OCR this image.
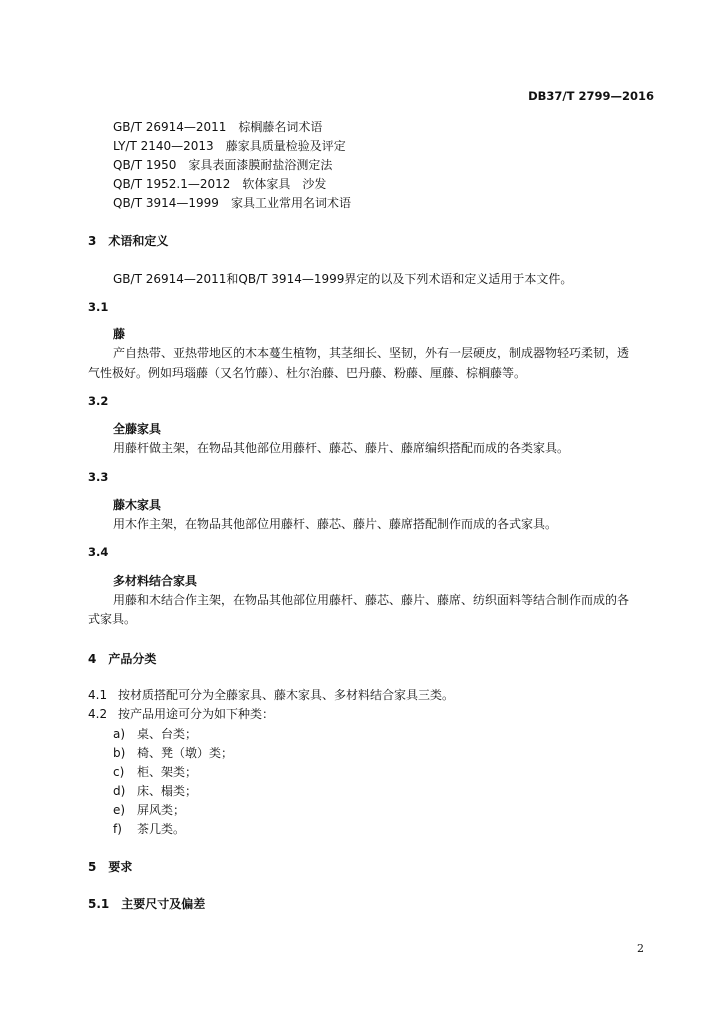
DB37/T 2799—2016
GB/T 26914—2011　棕榈藤名词术语
LY/T 2140—2013　藤家具质量检验及评定
QB/T 1950　家具表面漆膜耐盐浴测定法
QB/T 1952.1—2012　软体家具　沙发
QB/T 3914—1999　家具工业常用名词术语
3　术语和定义
GB/T 26914—2011和QB/T 3914—1999界定的以及下列术语和定义适用于本文件。
3.1
藤
产自热带、亚热带地区的木本蔓生植物，其茎细长、坚韧，外有一层硬皮，制成器物轻巧柔韧，透
气性极好。例如玛瑙藤（又名竹藤）、杜尔治藤、巴丹藤、粉藤、厘藤、棕榈藤等。
3.2
全藤家具
用藤杆做主架，在物品其他部位用藤杆、藤芯、藤片、藤席编织搭配而成的各类家具。
3.3
藤木家具
用木作主架，在物品其他部位用藤杆、藤芯、藤片、藤席搭配制作而成的各式家具。
3.4
多材料结合家具
用藤和木结合作主架，在物品其他部位用藤杆、藤芯、藤片、藤席、纺织面料等结合制作而成的各
式家具。
4　产品分类
4.1 按材质搭配可分为全藤家具、藤木家具、多材料结合家具三类。
4.2 按产品用途可分为如下种类：
a) 桌、台类；
b) 椅、凳（墩）类；
c) 柜、架类；
d) 床、榻类；
e) 屏风类；
f) 茶几类。
5　要求
5.1　主要尺寸及偏差
2
